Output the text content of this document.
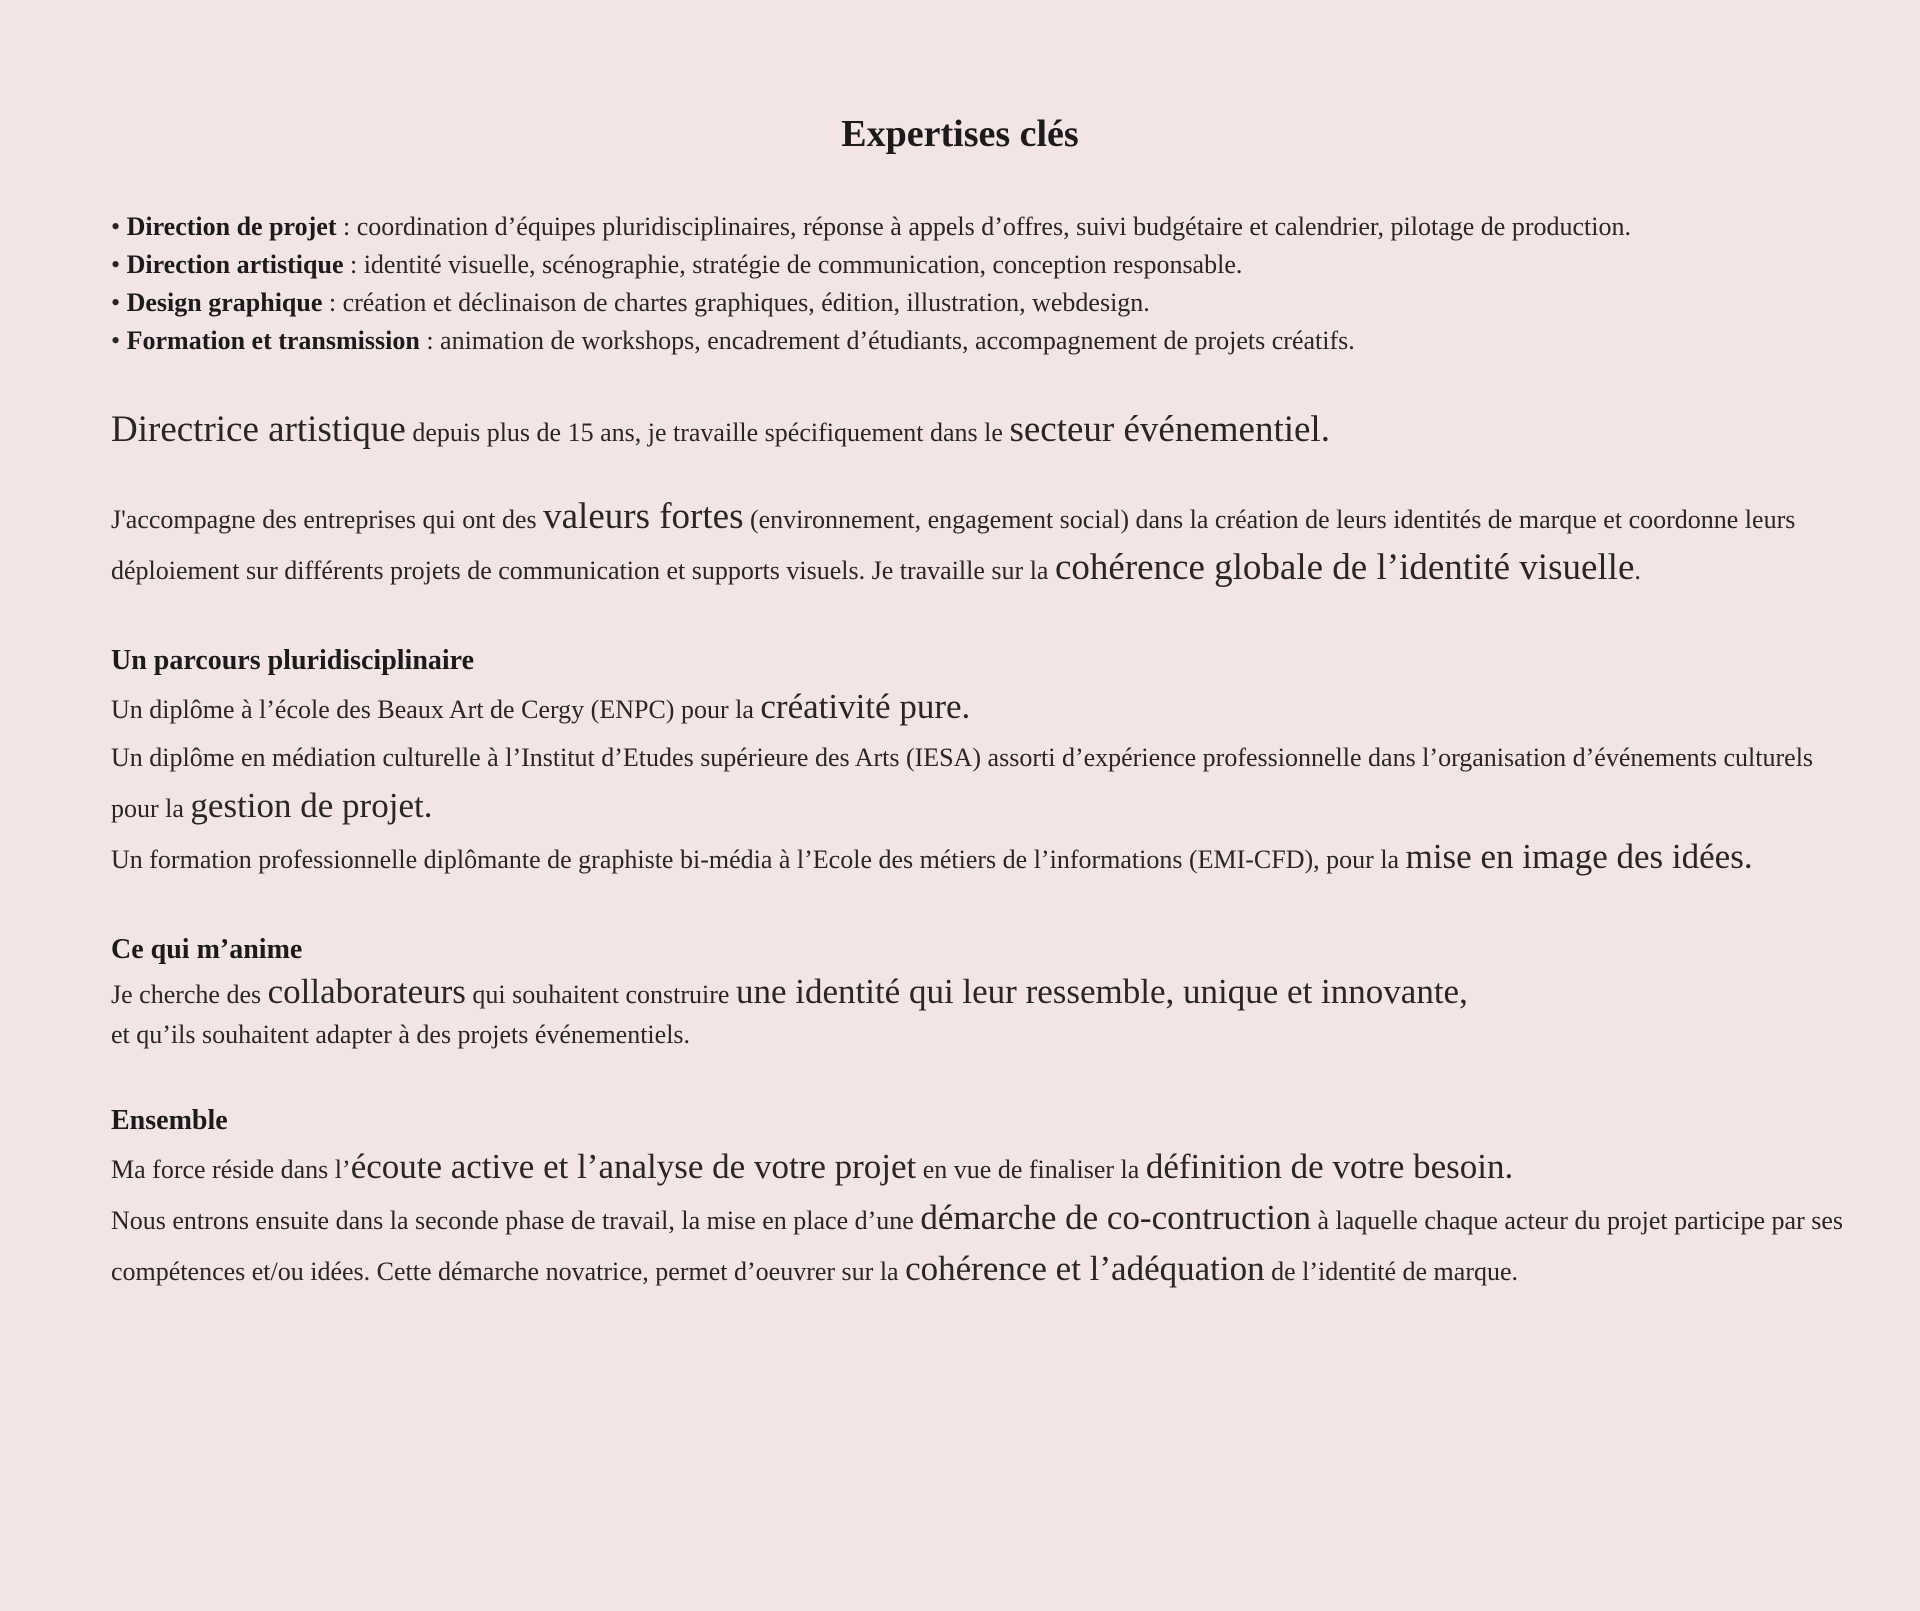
Expertises clés
• Direction de projet : coordination d’équipes pluridisciplinaires, réponse à appels d’offres, suivi budgétaire et calendrier, pilotage de production.
• Direction artistique : identité visuelle, scénographie, stratégie de communication, conception responsable.
• Design graphique : création et déclinaison de chartes graphiques, édition, illustration, webdesign.
• Formation et transmission : animation de workshops, encadrement d’étudiants, accompagnement de projets créatifs.

Directrice artistique depuis plus de 15 ans, je travaille spécifiquement dans le secteur événementiel.

J'accompagne des entreprises qui ont des valeurs fortes (environnement, engagement social) dans la création de leurs identités de marque et coordonne leurs déploiement sur différents projets de communication et supports visuels. Je travaille sur la cohérence globale de l’identité visuelle.

Un parcours pluridisciplinaire

Un diplôme à l’école des Beaux Art de Cergy (ENPC) pour la créativité pure.

Un diplôme en médiation culturelle à l’Institut d’Etudes supérieure des Arts (IESA) assorti d’expérience professionnelle dans l’organisation d’événements culturels pour la gestion de projet.

Un formation professionnelle diplômante de graphiste bi-média à l’Ecole des métiers de l’informations (EMI-CFD), pour la mise en image des idées.

Ce qui m’anime

Je cherche des collaborateurs qui souhaitent construire une identité qui leur ressemble, unique et innovante,

et qu’ils souhaitent adapter à des projets événementiels.

Ensemble

Ma force réside dans l’écoute active et l’analyse de votre projet en vue de finaliser la définition de votre besoin.

Nous entrons ensuite dans la seconde phase de travail, la mise en place d’une démarche de co-contruction à laquelle chaque acteur du projet participe par ses compétences et/ou idées. Cette démarche novatrice, permet d’oeuvrer sur la cohérence et l’adéquation de l’identité de marque.
